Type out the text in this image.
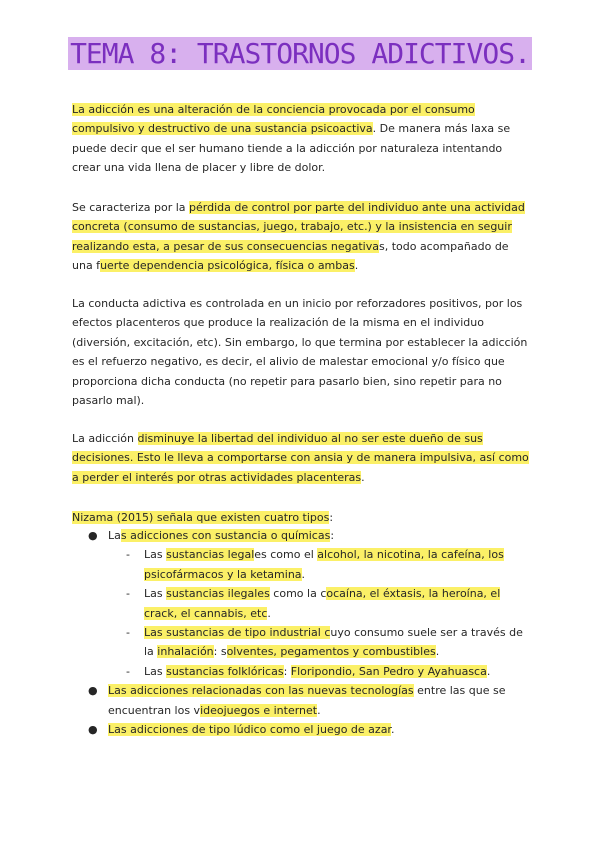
TEMA 8: TRASTORNOS ADICTIVOS.
La adicción es una alteración de la conciencia provocada por el consumo compulsivo y destructivo de una sustancia psicoactiva. De manera más laxa se puede decir que el ser humano tiende a la adicción por naturaleza intentando crear una vida llena de placer y libre de dolor.
Se caracteriza por la pérdida de control por parte del individuo ante una actividad concreta (consumo de sustancias, juego, trabajo, etc.) y la insistencia en seguir realizando esta, a pesar de sus consecuencias negativas, todo acompañado de una fuerte dependencia psicológica, física o ambas.
La conducta adictiva es controlada en un inicio por reforzadores positivos, por los efectos placenteros que produce la realización de la misma en el individuo (diversión, excitación, etc). Sin embargo, lo que termina por establecer la adicción es el refuerzo negativo, es decir, el alivio de malestar emocional y/o físico que proporciona dicha conducta (no repetir para pasarlo bien, sino repetir para no pasarlo mal).
La adicción disminuye la libertad del individuo al no ser este dueño de sus decisiones. Esto le lleva a comportarse con ansia y de manera impulsiva, así como a perder el interés por otras actividades placenteras.
Nizama (2015) señala que existen cuatro tipos:
● Las adicciones con sustancia o químicas:
- Las sustancias legales como el alcohol, la nicotina, la cafeína, los psicofármacos y la ketamina.
- Las sustancias ilegales como la cocaína, el éxtasis, la heroína, el crack, el cannabis, etc.
- Las sustancias de tipo industrial cuyo consumo suele ser a través de la inhalación: solventes, pegamentos y combustibles.
- Las sustancias folklóricas: Floripondio, San Pedro y Ayahuasca.
● Las adicciones relacionadas con las nuevas tecnologías entre las que se encuentran los videojuegos e internet.
● Las adicciones de tipo lúdico como el juego de azar.
